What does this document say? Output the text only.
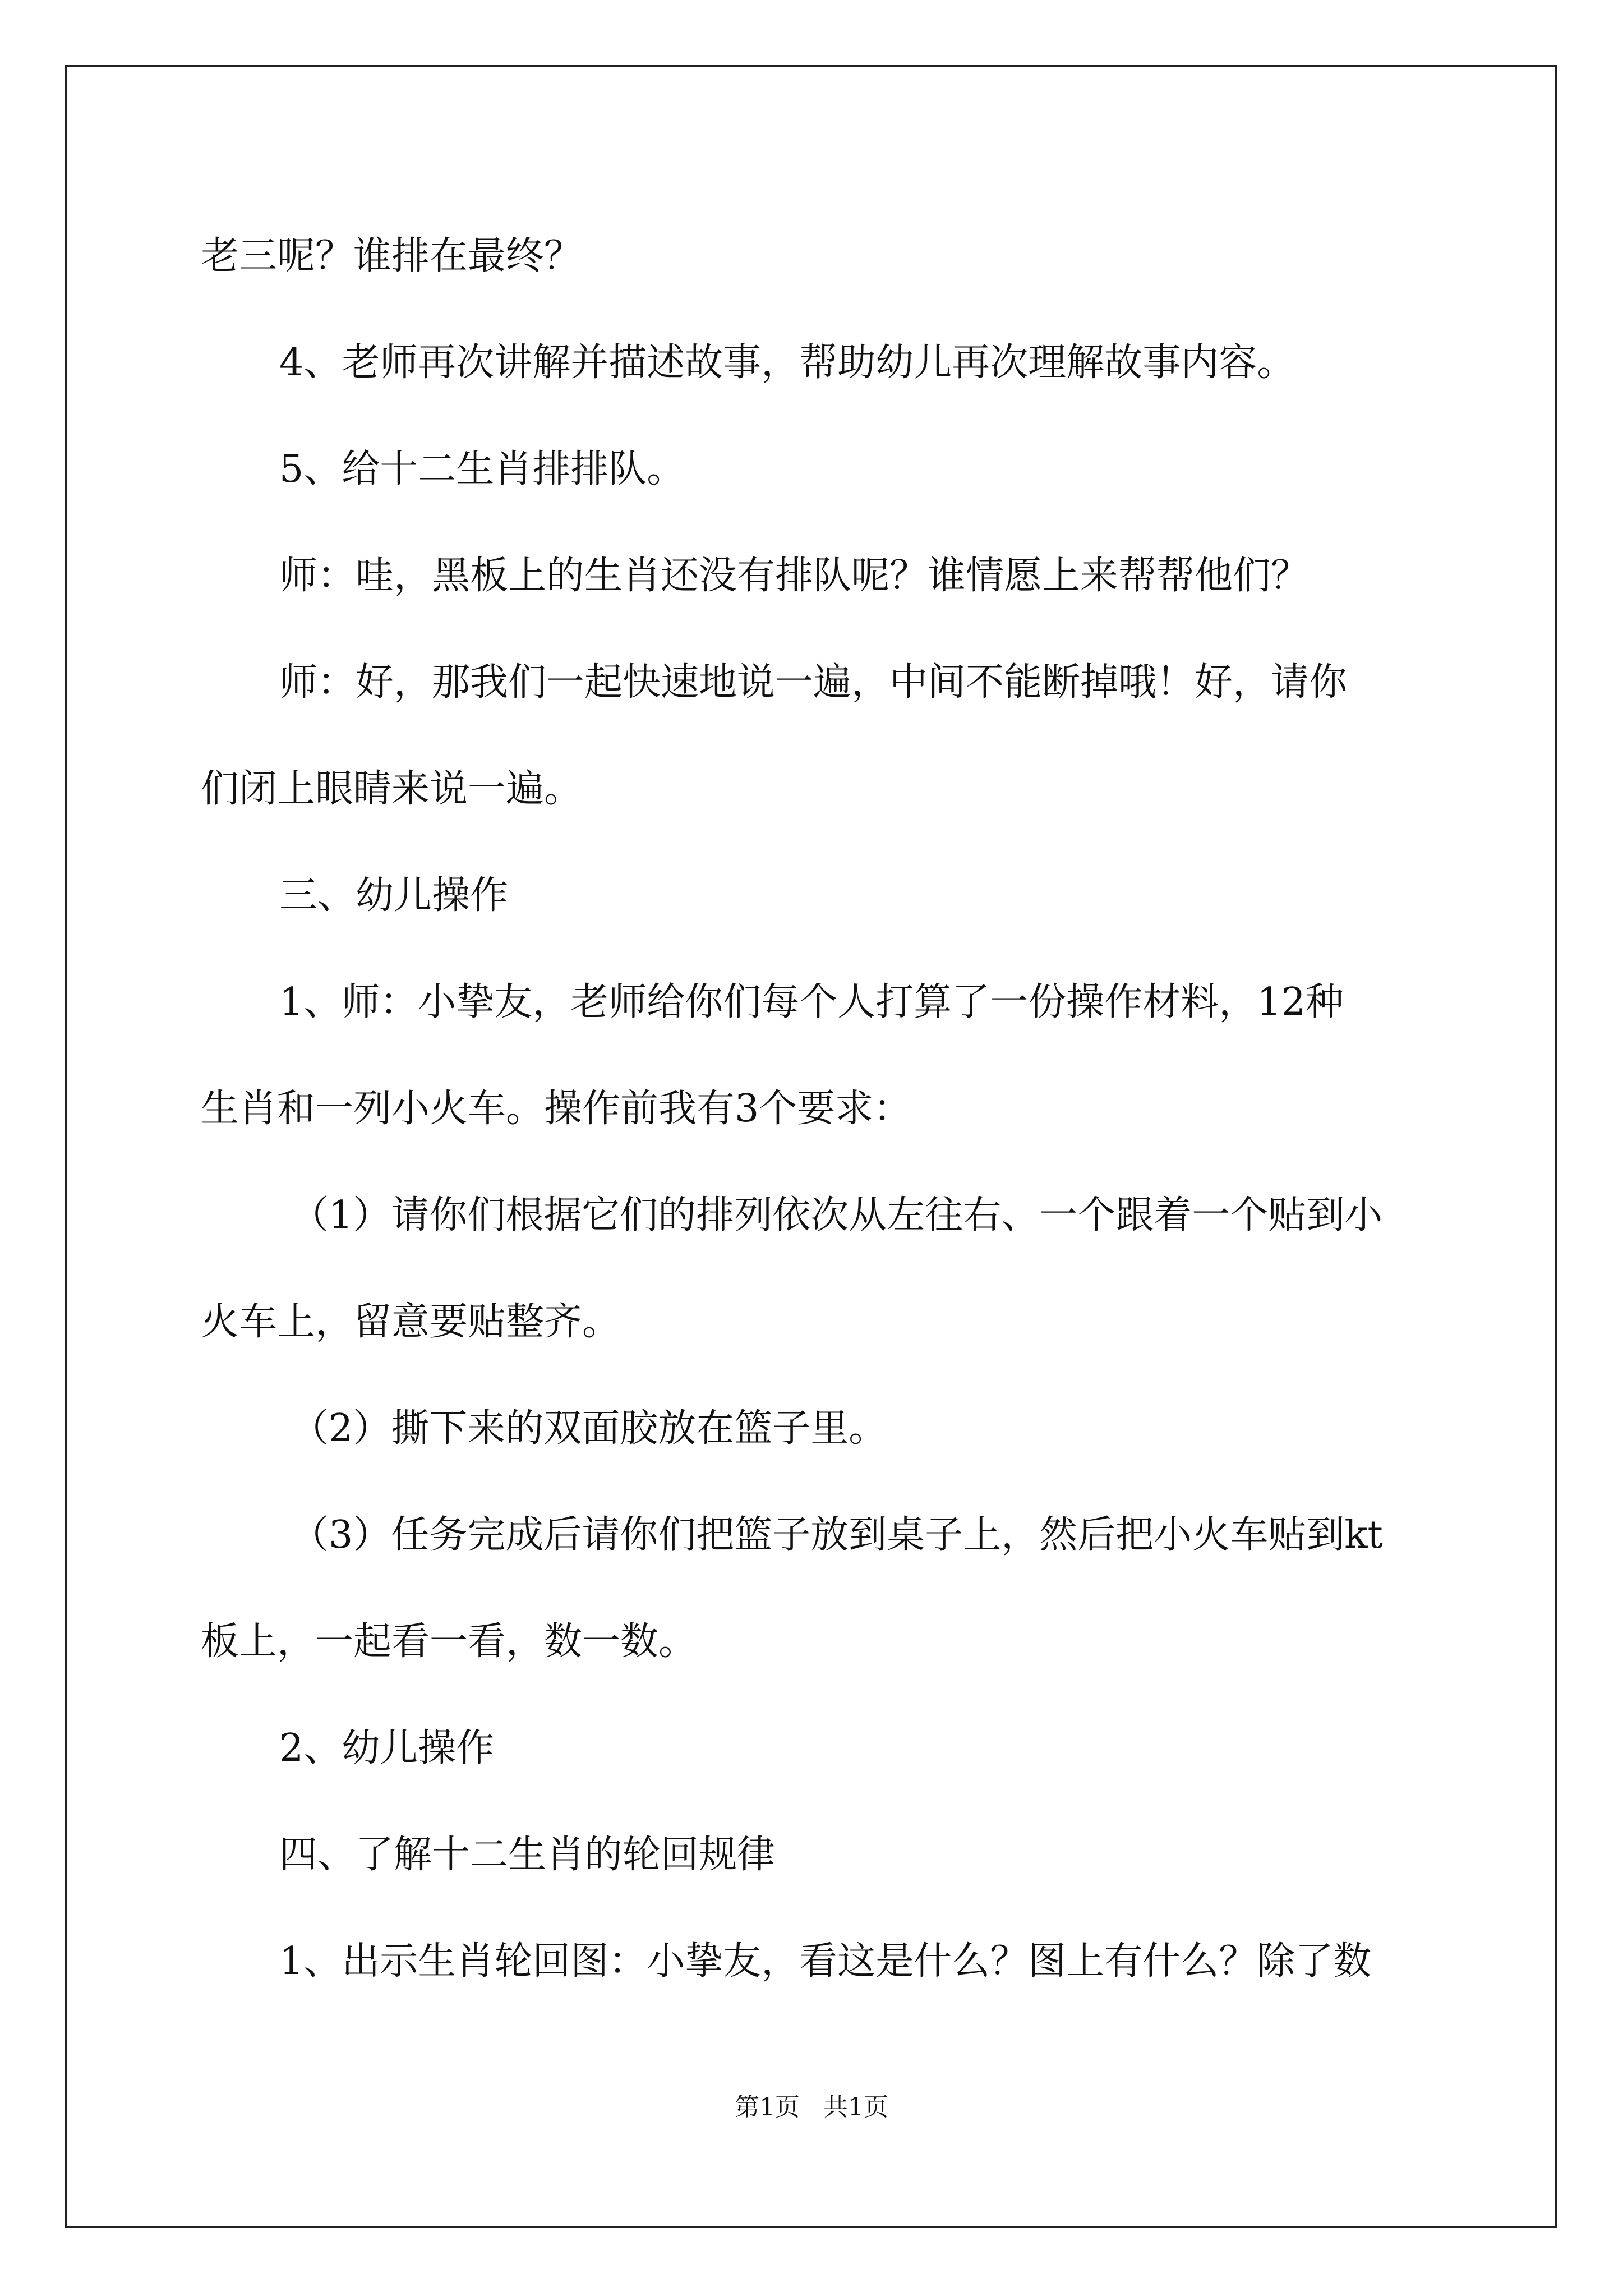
老三呢？谁排在最终？
4、老师再次讲解并描述故事，帮助幼儿再次理解故事内容。
5、给十二生肖排排队。
师：哇，黑板上的生肖还没有排队呢？谁情愿上来帮帮他们？
师：好，那我们一起快速地说一遍，中间不能断掉哦！好，请你
们闭上眼睛来说一遍。
三、幼儿操作
1、师：小挚友，老师给你们每个人打算了一份操作材料，12种
生肖和一列小火车。操作前我有3个要求：
（1）请你们根据它们的排列依次从左往右、一个跟着一个贴到小
火车上，留意要贴整齐。
（2）撕下来的双面胶放在篮子里。
（3）任务完成后请你们把篮子放到桌子上，然后把小火车贴到kt
板上，一起看一看，数一数。
2、幼儿操作
四、了解十二生肖的轮回规律
1、出示生肖轮回图：小挚友，看这是什么？图上有什么？除了数
第1页   共1页
